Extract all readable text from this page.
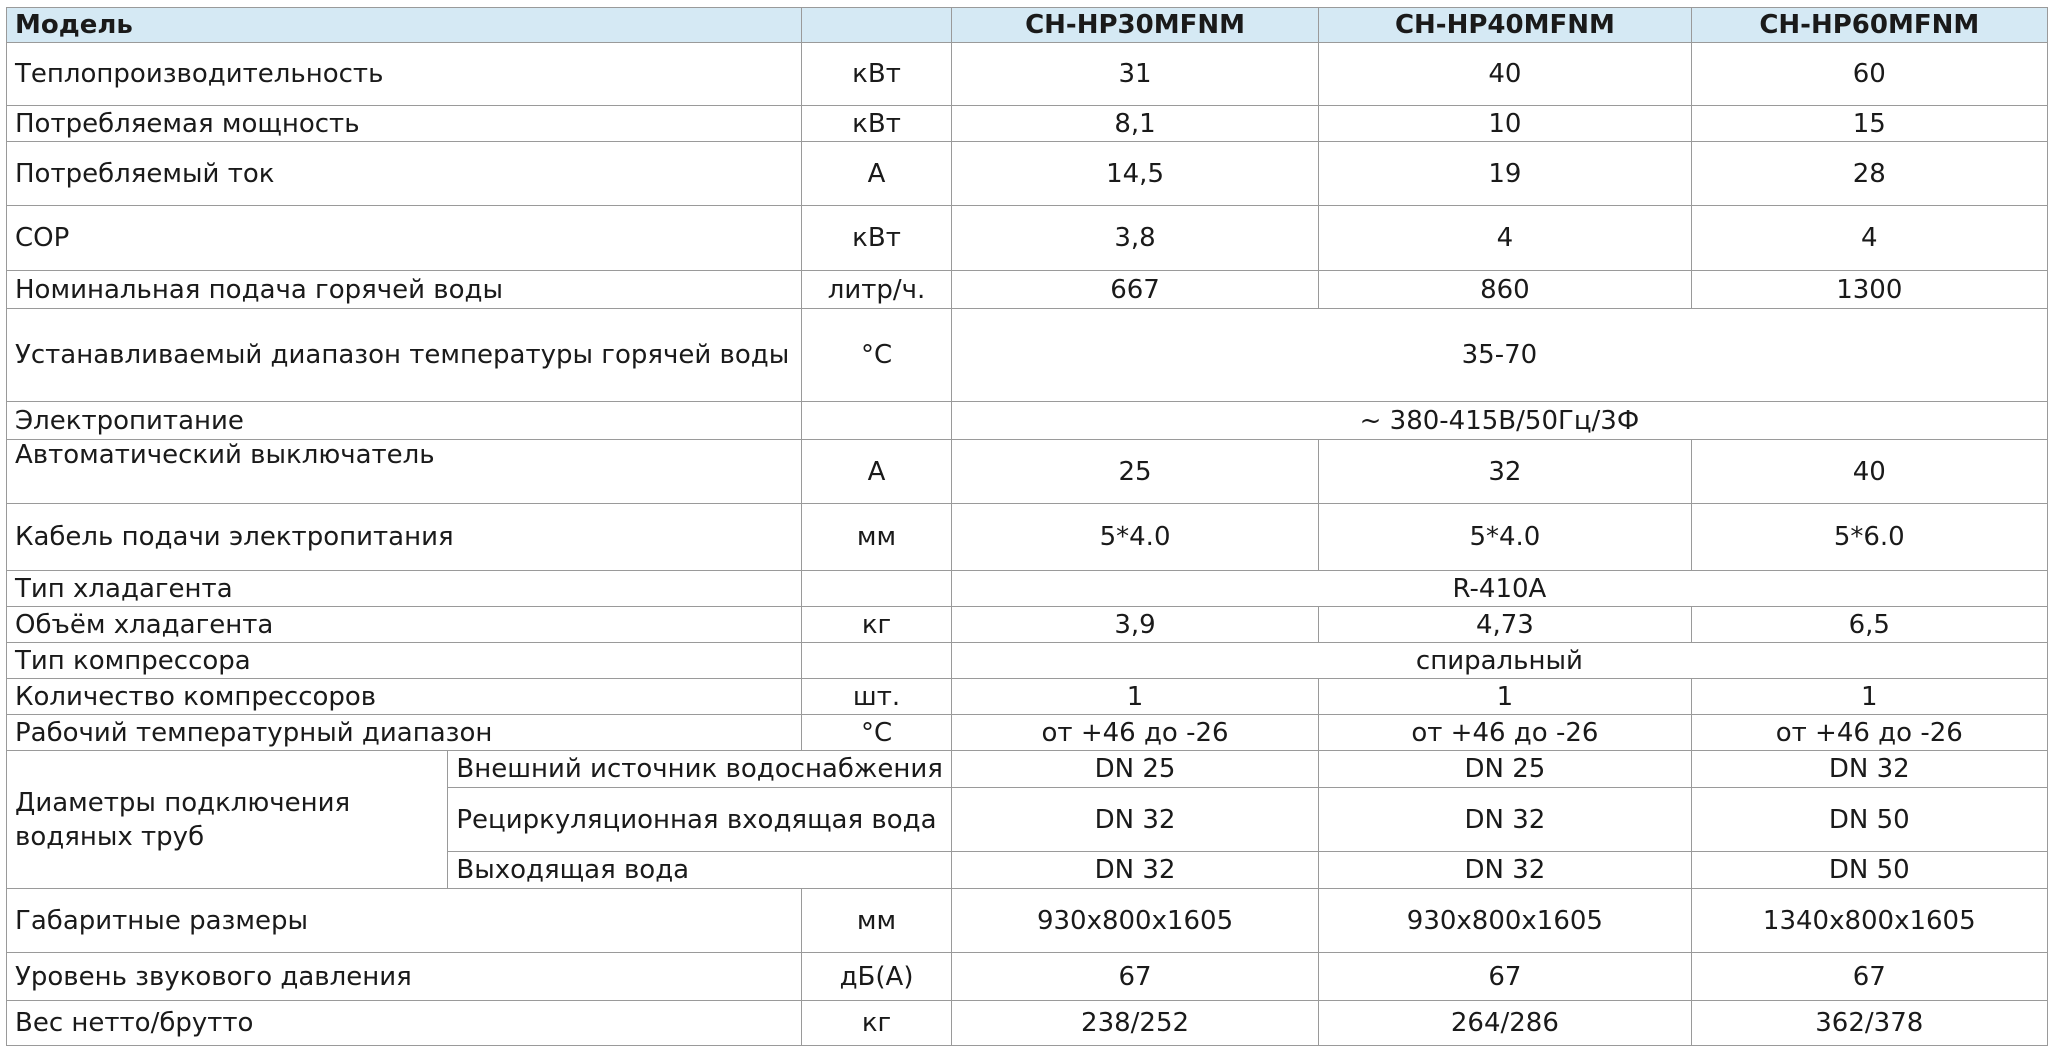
Модель			CH-HP30MFNM	CH-HP40MFNM	CH-HP60MFNM
Теплопроизводительность		кВт	31	40	60
Потребляемая мощность		кВт	8,1	10	15
Потребляемый ток		А	14,5	19	28
COP		кВт	3,8	4	4
Номинальная подача горячей воды		литр/ч.	667	860	1300
Устанавливаемый диапазон температуры горячей воды		°С	35-70		
Электропитание			~ 380-415В/50Гц/3Ф		
Автоматический выключатель		А	25	32	40
Кабель подачи электропитания		мм	5*4.0	5*4.0	5*6.0
Тип хладагента			R-410A		
Объём хладагента		кг	3,9	4,73	6,5
Тип компрессора			спиральный		
Количество компрессоров		шт.	1	1	1
Рабочий температурный диапазон		°С	от +46 до -26	от +46 до -26	от +46 до -26
Диаметры подключения водяных труб	Внешний источник водоснабжения		DN 25	DN 25	DN 32
	Рециркуляционная входящая вода		DN 32	DN 32	DN 50
	Выходящая вода		DN 32	DN 32	DN 50
Габаритные размеры		мм	930x800x1605	930x800x1605	1340x800x1605
Уровень звукового давления		дБ(А)	67	67	67
Вес нетто/брутто		кг	238/252	264/286	362/378
